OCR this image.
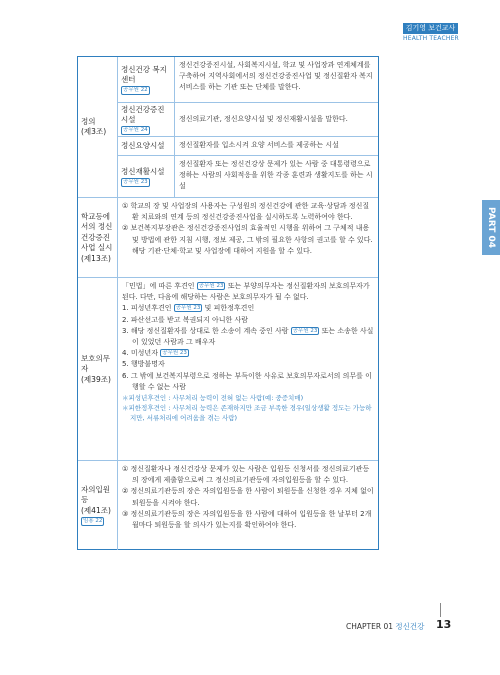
김기영 보건교사
HEALTH TEACHER
PART 04
정의
(제3조)
정신건강 복지센터
공무원 22
정신건강증진시설, 사회복지시설, 학교 및 사업장과 연계체계를 구축하여 지역사회에서의 정신건강증진사업 및 정신질환자 복지서비스를 하는 기관 또는 단체를 말한다.
정신건강증진 시설
공무원 24
정신의료기관, 정신요양시설 및 정신재활시설을 말한다.
정신요양시설	정신질환자를 입소시켜 요양 서비스를 제공하는 시설
정신재활시설
공무원 23
정신질환자 또는 정신건강상 문제가 있는 사람 중 대통령령으로 정하는 사람의 사회적응을 위한 각종 훈련과 생활지도를 하는 시설
학교등에서의 정신건강증진 사업 실시
(제13조)
① 학교의 장 및 사업장의 사용자는 구성원의 정신건강에 관한 교육·상담과 정신질환 치료와의 연계 등의 정신건강증진사업을 실시하도록 노력하여야 한다.
② 보건복지부장관은 정신건강증진사업의 효율적인 시행을 위하여 그 구체적 내용 및 방법에 관한 지침 시행, 정보 제공, 그 밖의 필요한 사항의 권고를 할 수 있다. 해당 기관·단체·학교 및 사업장에 대하여 지원을 할 수 있다.
보호의무자
(제39조)
「민법」에 따른 후견인 공무원 23 또는 부양의무자는 정신질환자의 보호의무자가 된다. 다만, 다음에 해당하는 사람은 보호의무자가 될 수 없다.
1. 피성년후견인 공무원 23 및 피한정후견인
2. 파산선고를 받고 복권되지 아니한 사람
3. 해당 정신질환자를 상대로 한 소송이 계속 중인 사람 공무원 23 또는 소송한 사실이 있었던 사람과 그 배우자
4. 미성년자 공무원 23
5. 행방불명자
6. 그 밖에 보건복지부령으로 정하는 부득이한 사유로 보호의무자로서의 의무를 이행할 수 없는 사람
＊피성년후견인 : 사무처리 능력이 전혀 없는 사람(예: 중증치매)
＊피한정후견인 : 사무처리 능력은 존재하지만 조금 부족한 경우(일상생활 정도는 가능하지만, 서류처리에 어려움을 겪는 사람)
자의입원등
(제41조)
임용 22
① 정신질환자나 정신건강상 문제가 있는 사람은 입원등 신청서를 정신의료기관등의 장에게 제출함으로써 그 정신의료기관등에 자의입원등을 할 수 있다.
② 정신의료기관등의 장은 자의입원등을 한 사람이 퇴원등을 신청한 경우 지체 없이 퇴원등을 시켜야 한다.
③ 정신의료기관등의 장은 자의입원등을 한 사람에 대하여 입원등을 한 날부터 2개월마다 퇴원등을 할 의사가 있는지를 확인하여야 한다.
CHAPTER 01 정신건강 13
